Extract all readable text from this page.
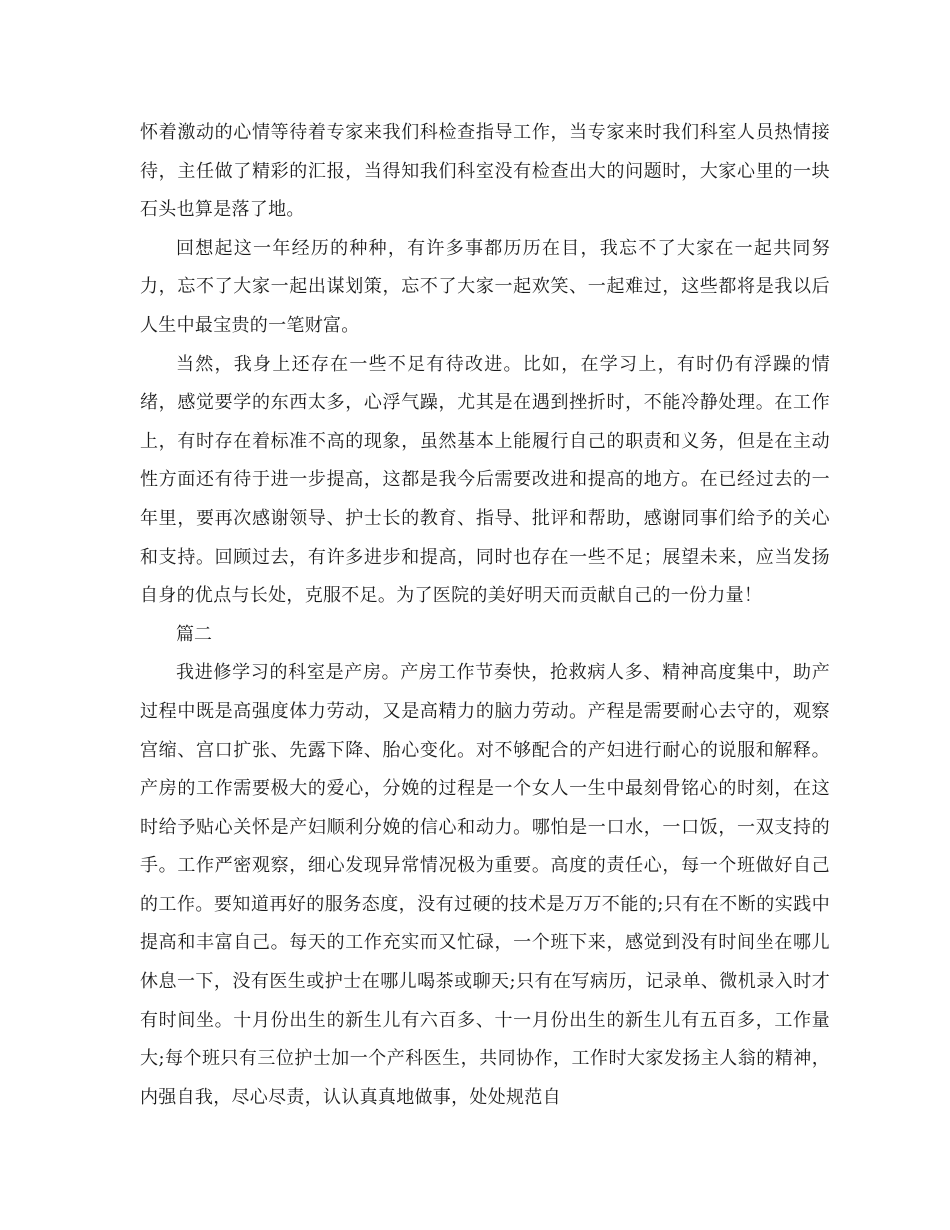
怀着激动的心情等待着专家来我们科检查指导工作，当专家来时我们科室人员热情接待，主任做了精彩的汇报，当得知我们科室没有检查出大的问题时，大家心里的一块石头也算是落了地。

回想起这一年经历的种种，有许多事都历历在目，我忘不了大家在一起共同努力，忘不了大家一起出谋划策，忘不了大家一起欢笑、一起难过，这些都将是我以后人生中最宝贵的一笔财富。

当然，我身上还存在一些不足有待改进。比如，在学习上，有时仍有浮躁的情绪，感觉要学的东西太多，心浮气躁，尤其是在遇到挫折时，不能冷静处理。在工作上，有时存在着标准不高的现象，虽然基本上能履行自己的职责和义务，但是在主动性方面还有待于进一步提高，这都是我今后需要改进和提高的地方。在已经过去的一年里，要再次感谢领导、护士长的教育、指导、批评和帮助，感谢同事们给予的关心和支持。回顾过去，有许多进步和提高，同时也存在一些不足；展望未来，应当发扬自身的优点与长处，克服不足。为了医院的美好明天而贡献自己的一份力量！

篇二

我进修学习的科室是产房。产房工作节奏快，抢救病人多、精神高度集中，助产过程中既是高强度体力劳动，又是高精力的脑力劳动。产程是需要耐心去守的，观察宫缩、宫口扩张、先露下降、胎心变化。对不够配合的产妇进行耐心的说服和解释。产房的工作需要极大的爱心，分娩的过程是一个女人一生中最刻骨铭心的时刻，在这时给予贴心关怀是产妇顺利分娩的信心和动力。哪怕是一口水，一口饭，一双支持的手。工作严密观察，细心发现异常情况极为重要。高度的责任心，每一个班做好自己的工作。要知道再好的服务态度，没有过硬的技术是万万不能的;只有在不断的实践中提高和丰富自己。每天的工作充实而又忙碌，一个班下来，感觉到没有时间坐在哪儿休息一下，没有医生或护士在哪儿喝茶或聊天;只有在写病历，记录单、微机录入时才有时间坐。十月份出生的新生儿有六百多、十一月份出生的新生儿有五百多，工作量大;每个班只有三位护士加一个产科医生，共同协作，工作时大家发扬主人翁的精神，内强自我，尽心尽责，认认真真地做事，处处规范自
